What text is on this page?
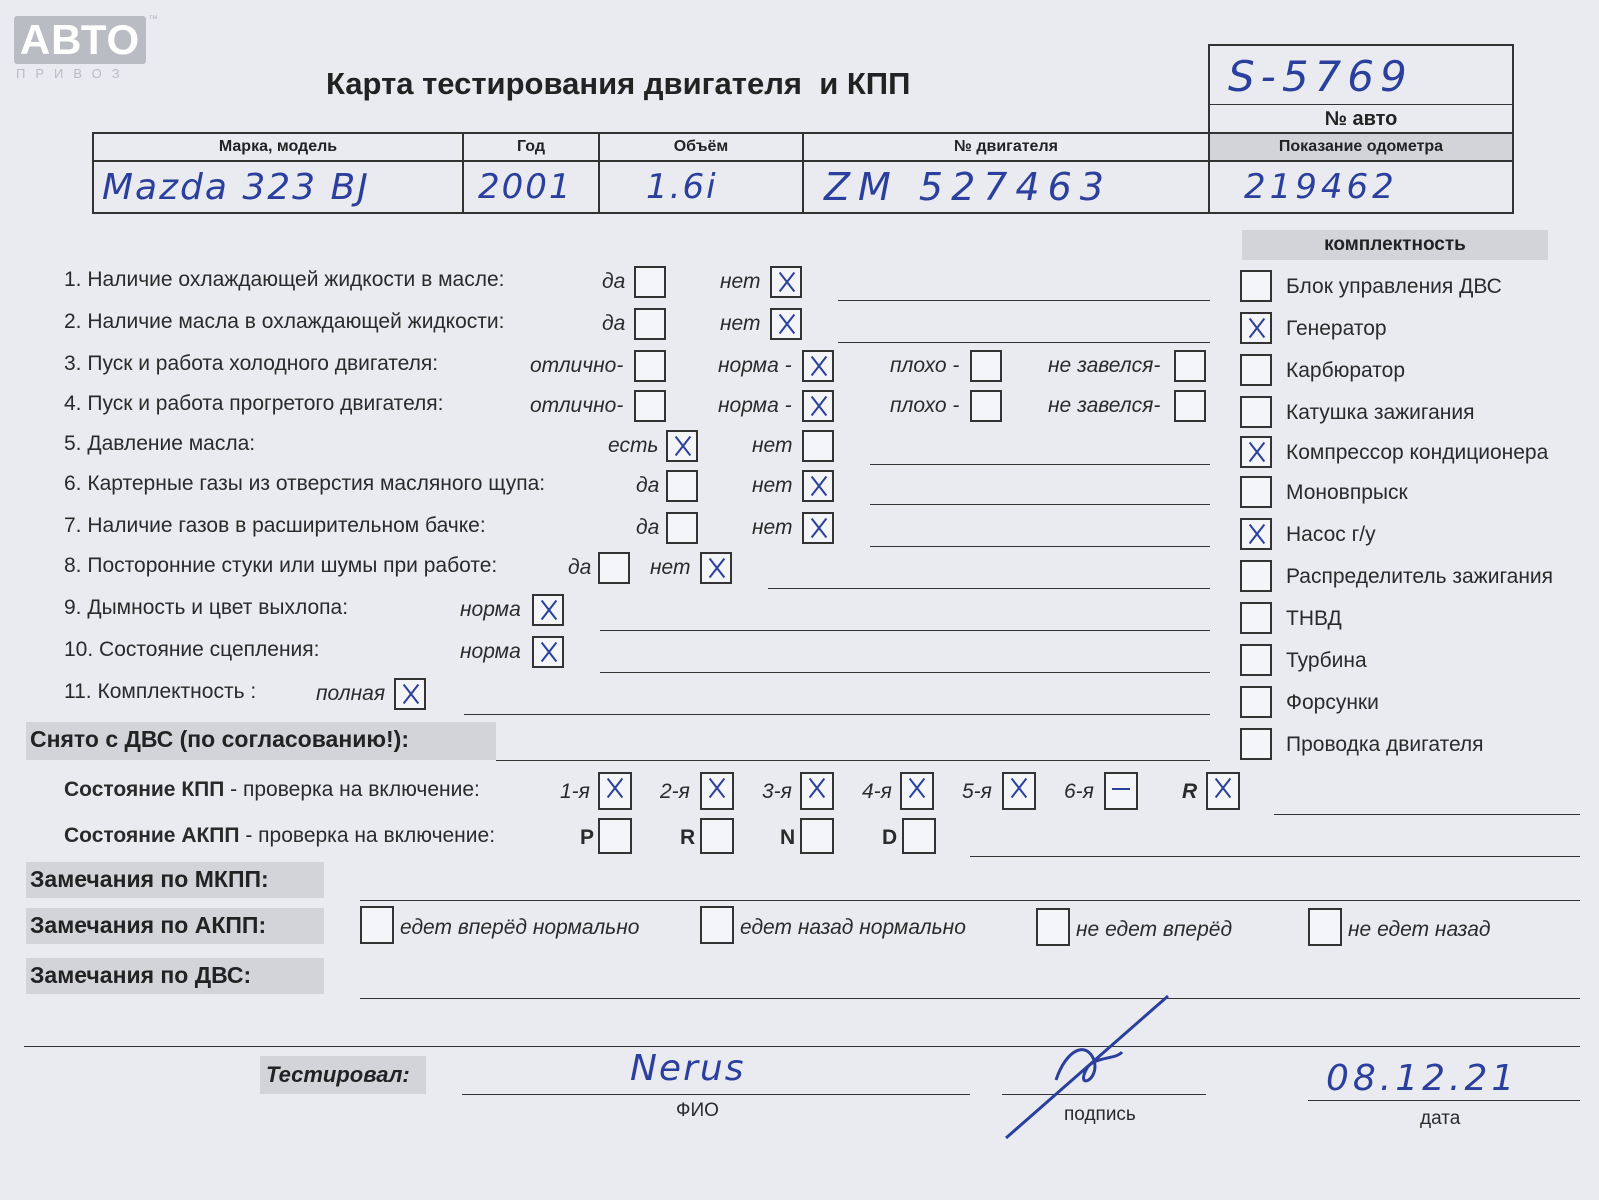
АВТО ™
ПРИВОЗ	Карта тестирования двигателя  и КПП	S-5769
№ авто
Марка, модель	Год	Объём	№ двигателя	Показание одометра
Mazda 323 BJ	2001	1.6i	ZM 527463	219462
комплектность
1. Наличие охлаждающей жидкости в масле:	да	нет
2. Наличие масла в охлаждающей жидкости:	да	нет
3. Пуск и работа холодного двигателя:	отлично-	норма -	плохо -	не завелся-
4. Пуск и работа прогретого двигателя:	отлично-	норма -	плохо -	не завелся-
5. Давление масла:	есть	нет
6. Картерные газы из отверстия масляного щупа:	да	нет
7. Наличие газов в расширительном бачке:	да	нет
8. Посторонние стуки или шумы при работе:	да	нет
9. Дымность и цвет выхлопа:	норма
10. Состояние сцепления:	норма
11. Комплектность :	полная
Блок управления ДВС
Генератор
Карбюратор
Катушка зажигания
Компрессор кондиционера
Моновпрыск
Насос г/у
Распределитель зажигания
ТНВД
Турбина
Форсунки
Проводка двигателя
Снято с ДВС (по согласованию!):
Состояние КПП - проверка на включение:	1-я	2-я	3-я	4-я	5-я	6-я	R
Состояние АКПП - проверка на включение:	P	R	N	D
Замечания по МКПП:
Замечания по АКПП:	едет вперёд нормально	едет назад нормально	не едет вперёд	не едет назад
Замечания по ДВС:
Тестировал:	Nerus
ФИО	подпись
08.12.21
дата
